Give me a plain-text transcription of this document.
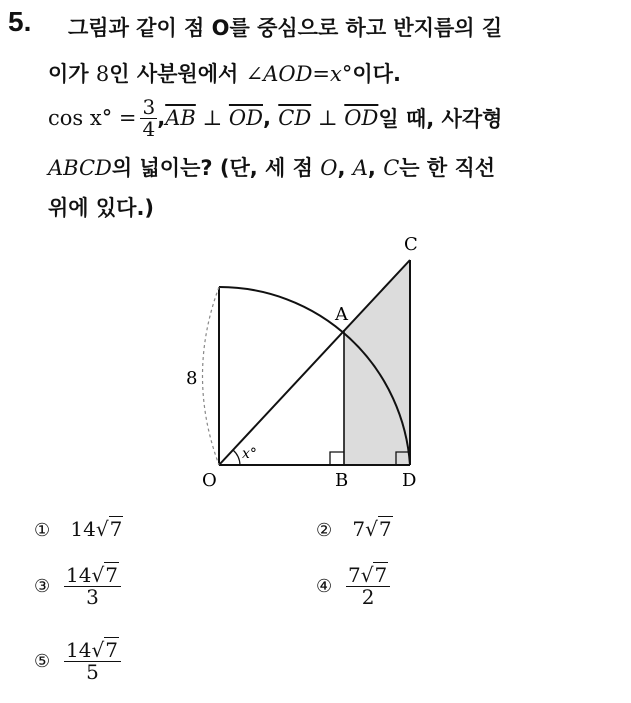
5. 그림과 같이 점 O를 중심으로 하고 반지름의 길
이가 8인 사분원에서 ∠AOD=x°이다.
$\cos x^\circ = \frac{3}{4}$ , $\overline{AB}$ ⊥ $\overline{OD}$ , $\overline{CD}$ ⊥ $\overline{OD}$ 일 때, 사각형
ABCD의 넓이는? (단, 세 점 O, A, C는 한 직선
위에 있다.)
C
A
O	B	D
8
x°
① 14√7	② 7√7
③ $\frac{14√7}{3}$	④ $\frac{7√7}{2}$
⑤ $\frac{14√7}{5}$
